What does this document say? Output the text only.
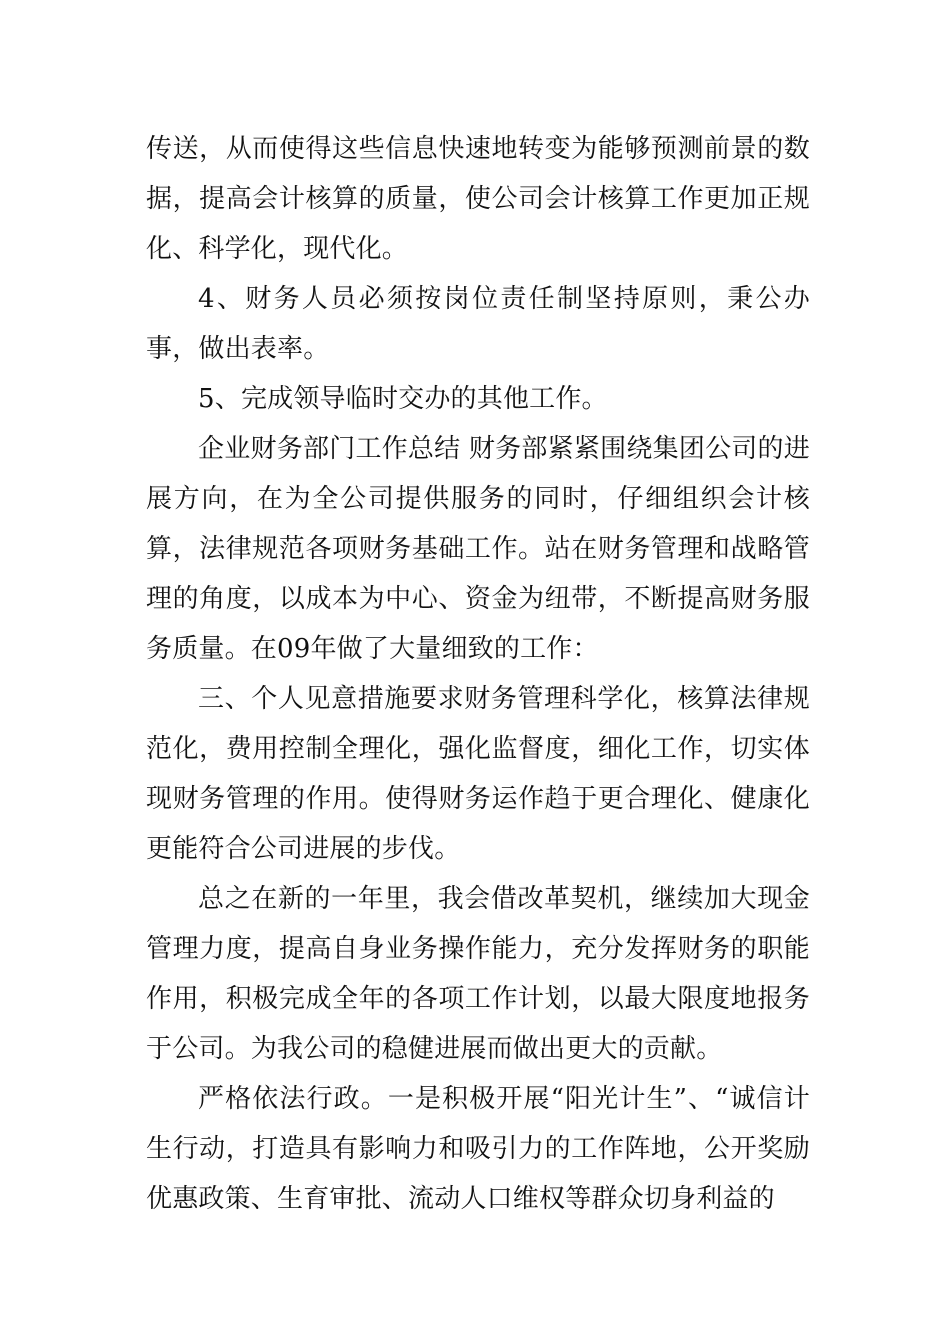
传送，从而使得这些信息快速地转变为能够预测前景的数据，提高会计核算的质量，使公司会计核算工作更加正规化、科学化，现代化。

4、财务人员必须按岗位责任制坚持原则，秉公办事，做出表率。

5、完成领导临时交办的其他工作。

企业财务部门工作总结 财务部紧紧围绕集团公司的进展方向，在为全公司提供服务的同时，仔细组织会计核算，法律规范各项财务基础工作。站在财务管理和战略管理的角度，以成本为中心、资金为纽带，不断提高财务服务质量。在09年做了大量细致的工作：

三、个人见意措施要求财务管理科学化，核算法律规范化，费用控制全理化，强化监督度，细化工作，切实体现财务管理的作用。使得财务运作趋于更合理化、健康化更能符合公司进展的步伐。

总之在新的一年里，我会借改革契机，继续加大现金管理力度，提高自身业务操作能力，充分发挥财务的职能作用，积极完成全年的各项工作计划，以最大限度地报务于公司。为我公司的稳健进展而做出更大的贡献。

严格依法行政。一是积极开展“阳光计生”、“诚信计生行动，打造具有影响力和吸引力的工作阵地，公开奖励优惠政策、生育审批、流动人口维权等群众切身利益的
